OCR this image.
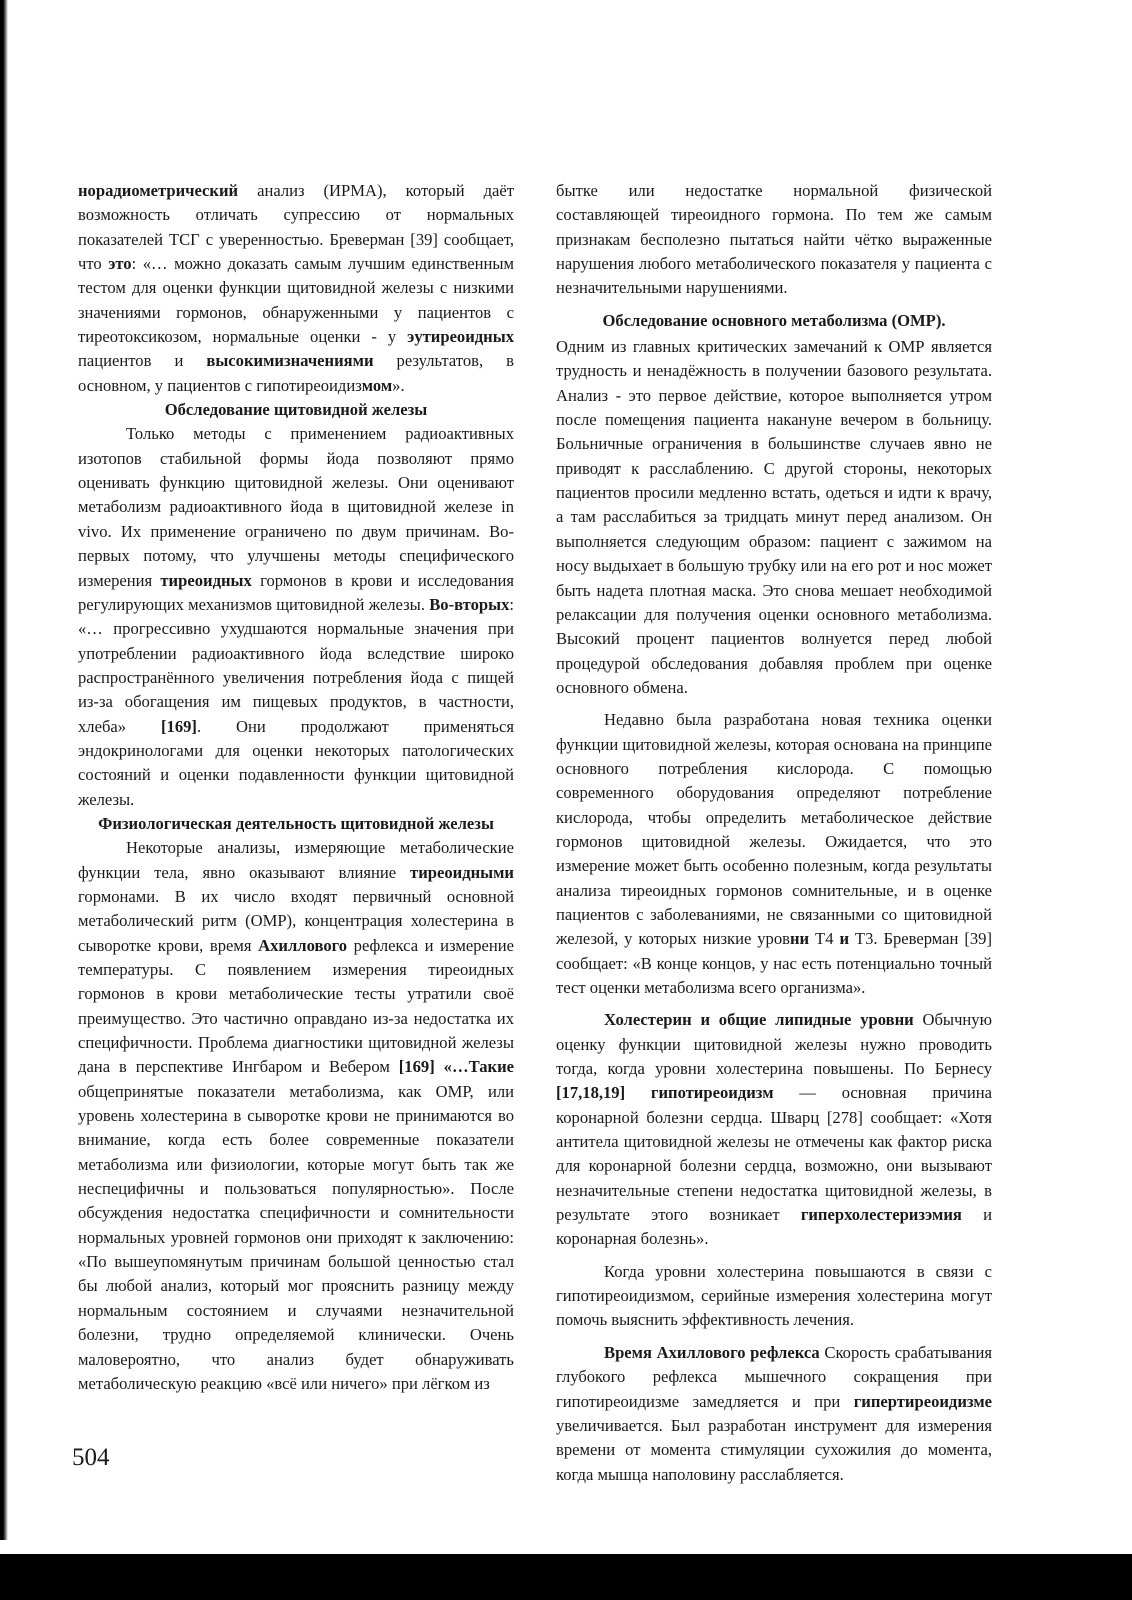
норадиометрический анализ (ИРМА), который даёт возможность отличать супрессию от нормальных показателей ТСГ с уверенностью. Бреверман [39] сообщает, что это: «… можно доказать самым лучшим единственным тестом для оценки функции щитовидной железы с низкими значениями гормонов, обнаруженными у пациентов с тиреотоксикозом, нормальные оценки - у эутиреоидных пациентов и высокимизначениями результатов, в основном, у пациентов с гипотиреоидизмом».

Обследование щитовидной железы

Только методы с применением радиоактивных изотопов стабильной формы йода позволяют прямо оценивать функцию щитовидной железы. Они оценивают метаболизм радиоактивного йода в щитовидной железе in vivo. Их применение ограничено по двум причинам. Во-первых потому, что улучшены методы специфического измерения тиреоидных гормонов в крови и исследования регулирующих механизмов щитовидной железы. Во-вторых: «… прогрессивно ухудшаются нормальные значения при употреблении радиоактивного йода вследствие широко распространённого увеличения потребления йода с пищей из-за обогащения им пищевых продуктов, в частности, хлеба» [169]. Они продолжают применяться эндокринологами для оценки некоторых патологических состояний и оценки подавленности функции щитовидной железы.

Физиологическая деятельность щитовидной железы

Некоторые анализы, измеряющие метаболические функции тела, явно оказывают влияние тиреоидными гормонами. В их число входят первичный основной метаболический ритм (ОМР), концентрация холестерина в сыворотке крови, время Ахиллового рефлекса и измерение температуры. С появлением измерения тиреоидных гормонов в крови метаболические тесты утратили своё преимущество. Это частично оправдано из-за недостатка их специфичности. Проблема диагностики щитовидной железы дана в перспективе Ингбаром и Вебером [169] «…Такие общепринятые показатели метаболизма, как ОМР, или уровень холестерина в сыворотке крови не принимаются во внимание, когда есть более современные показатели метаболизма или физиологии, которые могут быть так же неспецифичны и пользоваться популярностью». После обсуждения недостатка специфичности и сомнительности нормальных уровней гормонов они приходят к заключению: «По вышеупомянутым причинам большой ценностью стал бы любой анализ, который мог прояснить разницу между нормальным состоянием и случаями незначительной болезни, трудно определяемой клинически. Очень маловероятно, что анализ будет обнаруживать метаболическую реакцию «всё или ничего» при лёгком из

бытке или недостатке нормальной физической составляющей тиреоидного гормона. По тем же самым признакам бесполезно пытаться найти чётко выраженные нарушения любого метаболического показателя у пациента с незначительными нарушениями.

Обследование основного метаболизма (ОМР).

Одним из главных критических замечаний к ОМР является трудность и ненадёжность в получении базового результата. Анализ - это первое действие, которое выполняется утром после помещения пациента накануне вечером в больницу. Больничные ограничения в большинстве случаев явно не приводят к расслаблению. С другой стороны, некоторых пациентов просили медленно встать, одеться и идти к врачу, а там расслабиться за тридцать минут перед анализом. Он выполняется следующим образом: пациент с зажимом на носу выдыхает в большую трубку или на его рот и нос может быть надета плотная маска. Это снова мешает необходимой релаксации для получения оценки основного метаболизма. Высокий процент пациентов волнуется перед любой процедурой обследования добавляя проблем при оценке основного обмена.

Недавно была разработана новая техника оценки функции щитовидной железы, которая основана на принципе основного потребления кислорода. С помощью современного оборудования определяют потребление кислорода, чтобы определить метаболическое действие гормонов щитовидной железы. Ожидается, что это измерение может быть особенно полезным, когда результаты анализа тиреоидных гормонов сомнительные, и в оценке пациентов с заболеваниями, не связанными со щитовидной железой, у которых низкие уровни Т4 и Т3. Бреверман [39] сообщает: «В конце концов, у нас есть потенциально точный тест оценки метаболизма всего организма».

Холестерин и общие липидные уровни Обычную оценку функции щитовидной железы нужно проводить тогда, когда уровни холестерина повышены. По Бернесу [17,18,19] гипотиреоидизм — основная причина коронарной болезни сердца. Шварц [278] сообщает: «Хотя антитела щитовидной железы не отмечены как фактор риска для коронарной болезни сердца, возможно, они вызывают незначительные степени недостатка щитовидной железы, в результате этого возникает гиперхолестеризэмия и коронарная болезнь».

Когда уровни холестерина повышаются в связи с гипотиреоидизмом, серийные измерения холестерина могут помочь выяснить эффективность лечения.

Время Ахиллового рефлекса Скорость срабатывания глубокого рефлекса мышечного сокращения при гипотиреоидизме замедляется и при гипертиреоидизме увеличивается. Был разработан инструмент для измерения времени от момента стимуляции сухожилия до момента, когда мышца наполовину расслабляется.

504
